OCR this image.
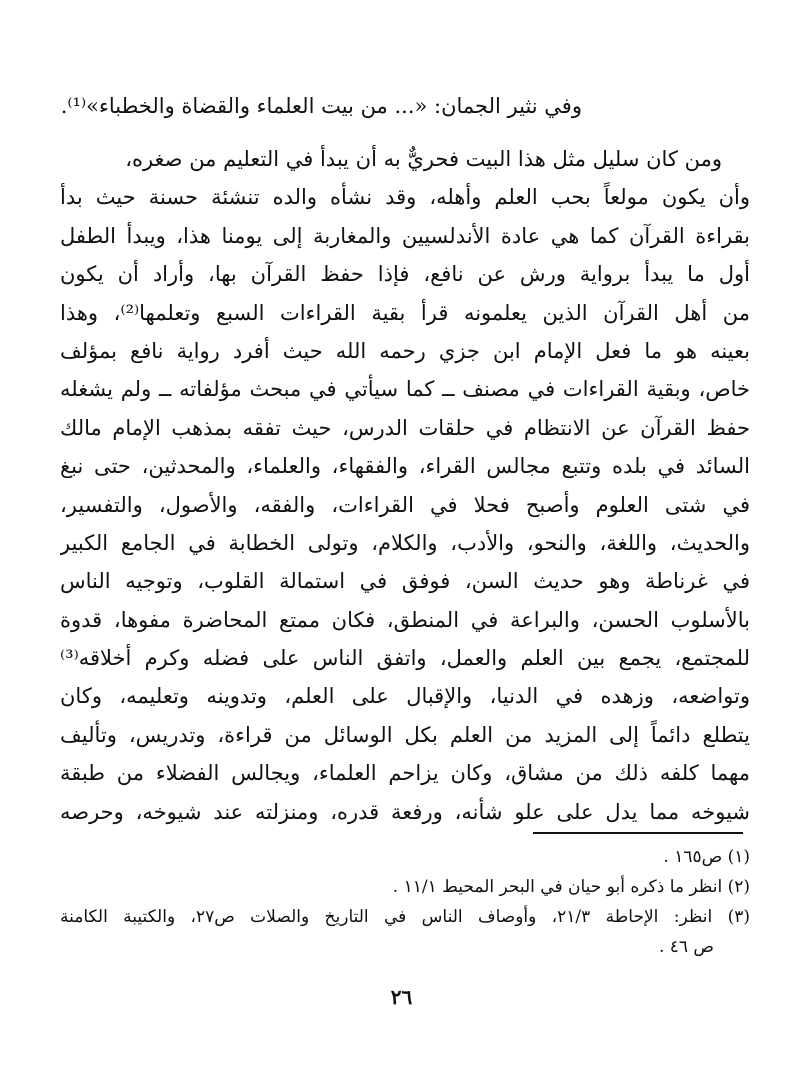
وفي نثير الجمان: «... من بيت العلماء والقضاة والخطباء»⁽¹⁾.
ومن كان سليل مثل هذا البيت فحريٌّ به أن يبدأ في التعليم من صغره،
وأن يكون مولعاً بحب العلم وأهله، وقد نشأه والده تنشئة حسنة حيث بدأ
بقراءة القرآن كما هي عادة الأندلسيين والمغاربة إلى يومنا هذا، ويبدأ الطفل
أول ما يبدأ برواية ورش عن نافع، فإذا حفظ القرآن بها، وأراد أن يكون
من أهل القرآن الذين يعلمونه قرأ بقية القراءات السبع وتعلمها⁽²⁾، وهذا
بعينه هو ما فعل الإمام ابن جزي رحمه الله حيث أفرد رواية نافع بمؤلف
خاص، وبقية القراءات في مصنف ــ كما سيأتي في مبحث مؤلفاته ــ ولم يشغله
حفظ القرآن عن الانتظام في حلقات الدرس، حيث تفقه بمذهب الإمام مالك
السائد في بلده وتتبع مجالس القراء، والفقهاء، والعلماء، والمحدثين، حتى نبغ
في شتى العلوم وأصبح فحلا في القراءات، والفقه، والأصول، والتفسير،
والحديث، واللغة، والنحو، والأدب، والكلام، وتولى الخطابة في الجامع الكبير
في غرناطة وهو حديث السن، فوفق في استمالة القلوب، وتوجيه الناس
بالأسلوب الحسن، والبراعة في المنطق، فكان ممتع المحاضرة مفوها، قدوة
للمجتمع، يجمع بين العلم والعمل، واتفق الناس على فضله وكرم أخلاقه⁽³⁾
وتواضعه، وزهده في الدنيا، والإقبال على العلم، وتدوينه وتعليمه، وكان
يتطلع دائماً إلى المزيد من العلم بكل الوسائل من قراءة، وتدريس، وتأليف
مهما كلفه ذلك من مشاق، وكان يزاحم العلماء، ويجالس الفضلاء من طبقة
شيوخه مما يدل على علو شأنه، ورفعة قدره، ومنزلته عند شيوخه، وحرصه
(١) ص١٦٥ .
(٢) انظر ما ذكره أبو حيان في البحر المحيط ١١/١ .
(٣) انظر: الإحاطة ٢١/٣، وأوصاف الناس في التاريخ والصلات ص٢٧، والكتيبة الكامنة
ص ٤٦ .
٢٦
